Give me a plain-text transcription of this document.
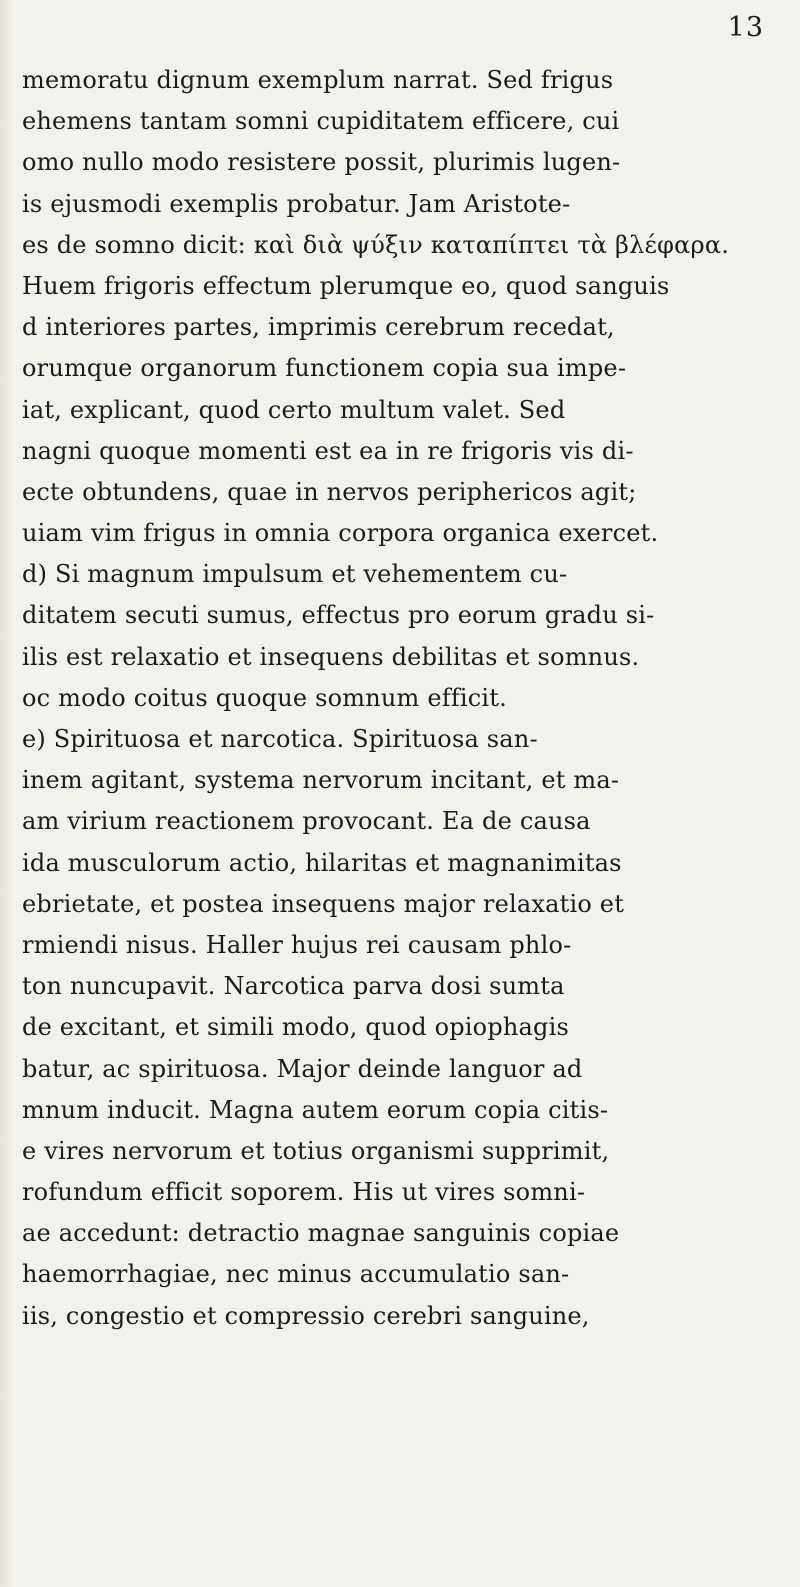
13
memoratu dignum exemplum narrat. Sed frigus
ehemens tantam somni cupiditatem efficere, cui
omo nullo modo resistere possit, plurimis lugen-
is ejusmodi exemplis probatur. Jam Aristote-
es de somno dicit: καὶ διὰ ψύξιν καταπίπτει τὰ βλέφαρα.
Huem frigoris effectum plerumque eo, quod sanguis
d interiores partes, imprimis cerebrum recedat,
orumque organorum functionem copia sua impe-
iat, explicant, quod certo multum valet. Sed
nagni quoque momenti est ea in re frigoris vis di-
ecte obtundens, quae in nervos periphericos agit;
uiam vim frigus in omnia corpora organica exercet.
d) Si magnum impulsum et vehementem cu-
ditatem secuti sumus, effectus pro eorum gradu si-
ilis est relaxatio et insequens debilitas et somnus.
oc modo coitus quoque somnum efficit.
e) Spirituosa et narcotica. Spirituosa san-
inem agitant, systema nervorum incitant, et ma-
am virium reactionem provocant. Ea de causa
ida musculorum actio, hilaritas et magnanimitas
ebrietate, et postea insequens major relaxatio et
rmiendi nisus. Haller hujus rei causam phlo-
ton nuncupavit. Narcotica parva dosi sumta
de excitant, et simili modo, quod opiophagis
batur, ac spirituosa. Major deinde languor ad
mnum inducit. Magna autem eorum copia citis-
e vires nervorum et totius organismi supprimit,
rofundum efficit soporem. His ut vires somni-
ae accedunt: detractio magnae sanguinis copiae
haemorrhagiae, nec minus accumulatio san-
iis, congestio et compressio cerebri sanguine,
